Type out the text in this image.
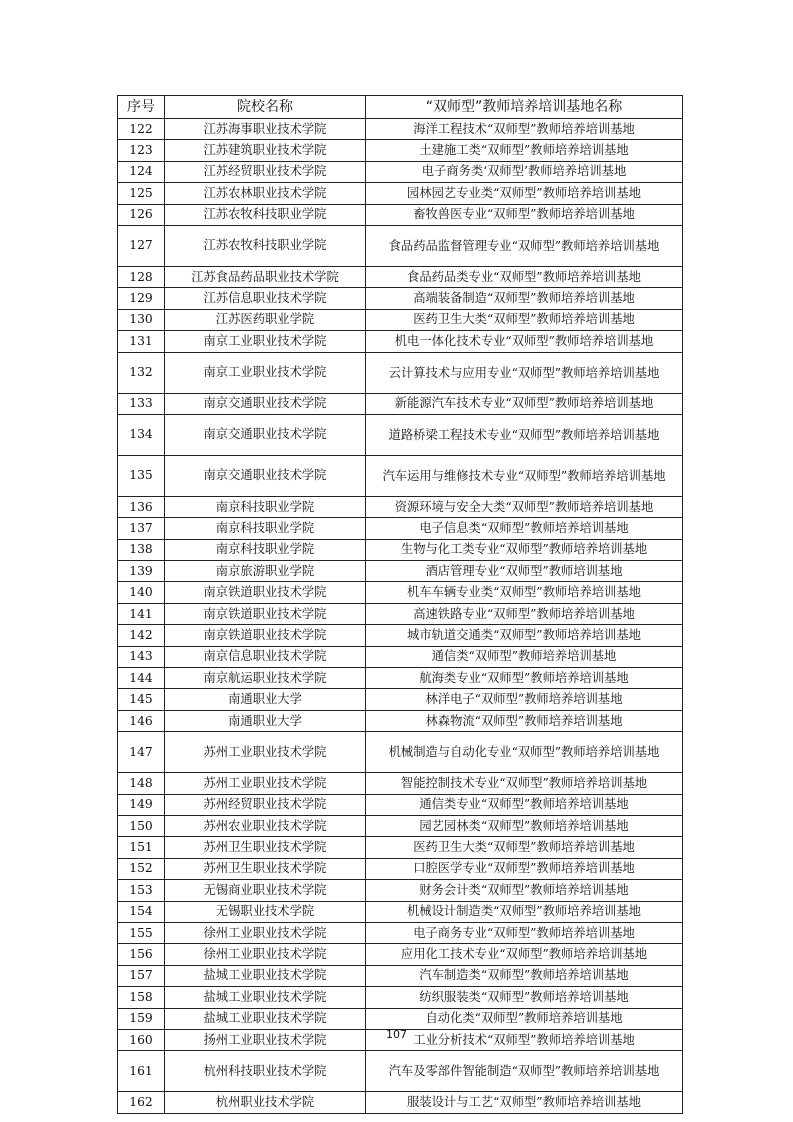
序号	院校名称	“双师型”教师培养培训基地名称
122	江苏海事职业技术学院	海洋工程技术“双师型”教师培养培训基地
123	江苏建筑职业技术学院	土建施工类“双师型”教师培养培训基地
124	江苏经贸职业技术学院	电子商务类‘双师型’教师培养培训基地
125	江苏农林职业技术学院	园林园艺专业类“双师型”教师培养培训基地
126	江苏农牧科技职业学院	畜牧兽医专业“双师型”教师培养培训基地
127	江苏农牧科技职业学院	食品药品监督管理专业“双师型”教师培养培训基地
128	江苏食品药品职业技术学院	食品药品类专业“双师型”教师培养培训基地
129	江苏信息职业技术学院	高端装备制造“双师型”教师培养培训基地
130	江苏医药职业学院	医药卫生大类“双师型”教师培养培训基地
131	南京工业职业技术学院	机电一体化技术专业“双师型”教师培养培训基地
132	南京工业职业技术学院	云计算技术与应用专业“双师型”教师培养培训基地
133	南京交通职业技术学院	新能源汽车技术专业“双师型”教师培养培训基地
134	南京交通职业技术学院	道路桥梁工程技术专业“双师型”教师培养培训基地
135	南京交通职业技术学院	汽车运用与维修技术专业“双师型”教师培养培训基地
136	南京科技职业学院	资源环境与安全大类“双师型”教师培养培训基地
137	南京科技职业学院	电子信息类“双师型”教师培养培训基地
138	南京科技职业学院	生物与化工类专业“双师型”教师培养培训基地
139	南京旅游职业学院	酒店管理专业“双师型”教师培训基地
140	南京铁道职业技术学院	机车车辆专业类“双师型”教师培养培训基地
141	南京铁道职业技术学院	高速铁路专业“双师型”教师培养培训基地
142	南京铁道职业技术学院	城市轨道交通类“双师型”教师培养培训基地
143	南京信息职业技术学院	通信类“双师型”教师培养培训基地
144	南京航运职业技术学院	航海类专业“双师型”教师培养培训基地
145	南通职业大学	林洋电子“双师型”教师培养培训基地
146	南通职业大学	林森物流“双师型”教师培养培训基地
147	苏州工业职业技术学院	机械制造与自动化专业“双师型”教师培养培训基地
148	苏州工业职业技术学院	智能控制技术专业“双师型”教师培养培训基地
149	苏州经贸职业技术学院	通信类专业“双师型”教师培养培训基地
150	苏州农业职业技术学院	园艺园林类“双师型”教师培养培训基地
151	苏州卫生职业技术学院	医药卫生大类“双师型”教师培养培训基地
152	苏州卫生职业技术学院	口腔医学专业“双师型”教师培养培训基地
153	无锡商业职业技术学院	财务会计类“双师型”教师培养培训基地
154	无锡职业技术学院	机械设计制造类“双师型”教师培养培训基地
155	徐州工业职业技术学院	电子商务专业“双师型”教师培养培训基地
156	徐州工业职业技术学院	应用化工技术专业“双师型”教师培养培训基地
157	盐城工业职业技术学院	汽车制造类“双师型”教师培养培训基地
158	盐城工业职业技术学院	纺织服装类“双师型”教师培养培训基地
159	盐城工业职业技术学院	自动化类“双师型”教师培养培训基地
160	扬州工业职业技术学院	工业分析技术“双师型”教师培养培训基地
161	杭州科技职业技术学院	汽车及零部件智能制造“双师型”教师培养培训基地
162	杭州职业技术学院	服装设计与工艺“双师型”教师培养培训基地
107
